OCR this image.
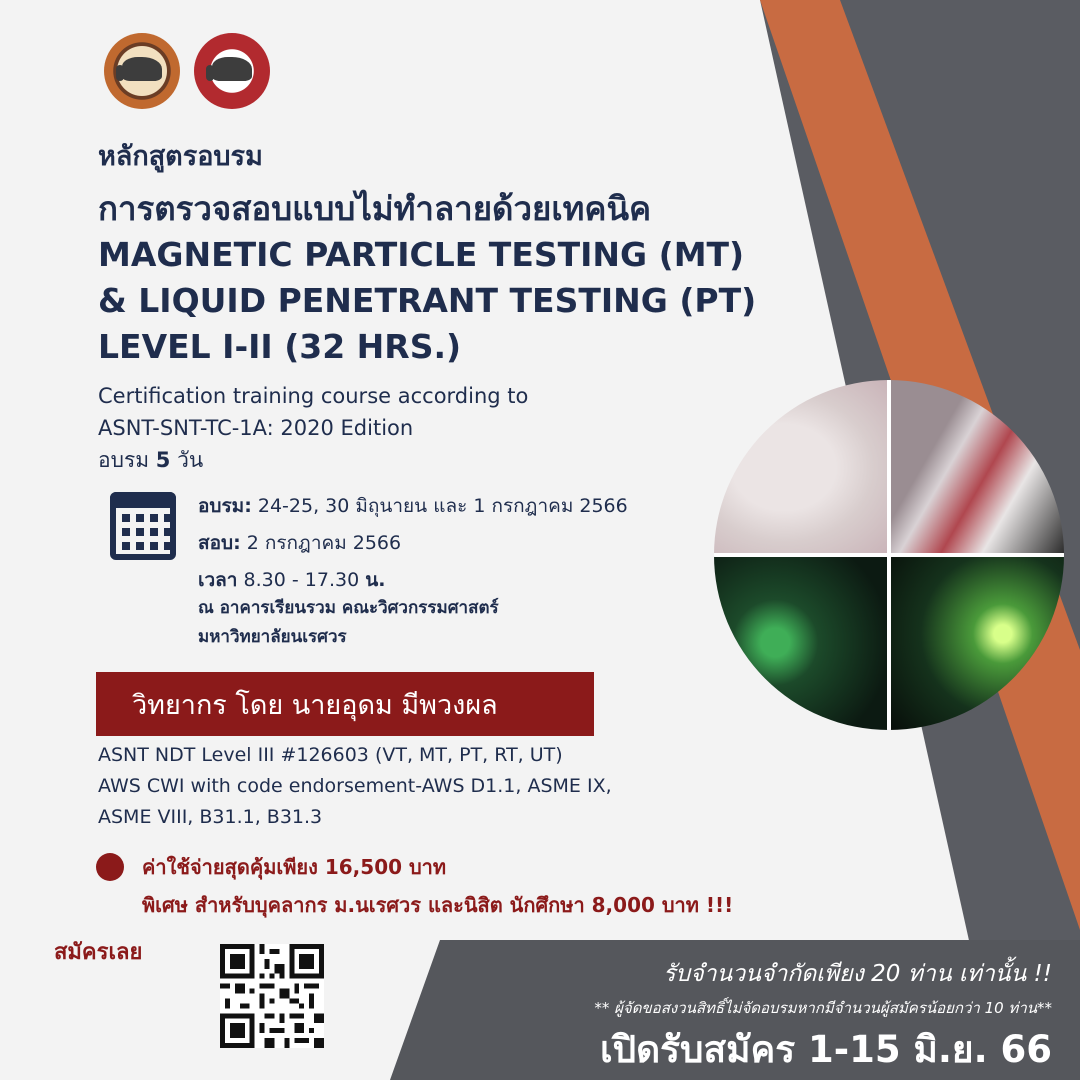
หลักสูตรอบรม
การตรวจสอบแบบไม่ทำลายด้วยเทคนิค
MAGNETIC PARTICLE TESTING (MT)
& LIQUID PENETRANT TESTING (PT)
LEVEL I-II (32 HRS.)
Certification training course according to
ASNT-SNT-TC-1A: 2020 Edition
อบรม 5 วัน
อบรม: 24-25, 30 มิถุนายน และ 1 กรกฎาคม 2566
สอบ: 2 กรกฎาคม 2566
เวลา 8.30 - 17.30 น.
ณ อาคารเรียนรวม คณะวิศวกรรมศาสตร์
มหาวิทยาลัยนเรศวร
วิทยากร โดย นายอุดม มีพวงผล
ASNT NDT Level III #126603 (VT, MT, PT, RT, UT)
AWS CWI with code endorsement-AWS D1.1, ASME IX,
ASME VIII, B31.1, B31.3
ค่าใช้จ่ายสุดคุ้มเพียง 16,500 บาท
พิเศษ สำหรับบุคลากร ม.นเรศวร และนิสิต นักศึกษา 8,000 บาท !!!
สมัครเลย
รับจำนวนจำกัดเพียง 20 ท่าน เท่านั้น !!
** ผู้จัดขอสงวนสิทธิ์ไม่จัดอบรมหากมีจำนวนผู้สมัครน้อยกว่า 10 ท่าน**
เปิดรับสมัคร 1-15 มิ.ย. 66
